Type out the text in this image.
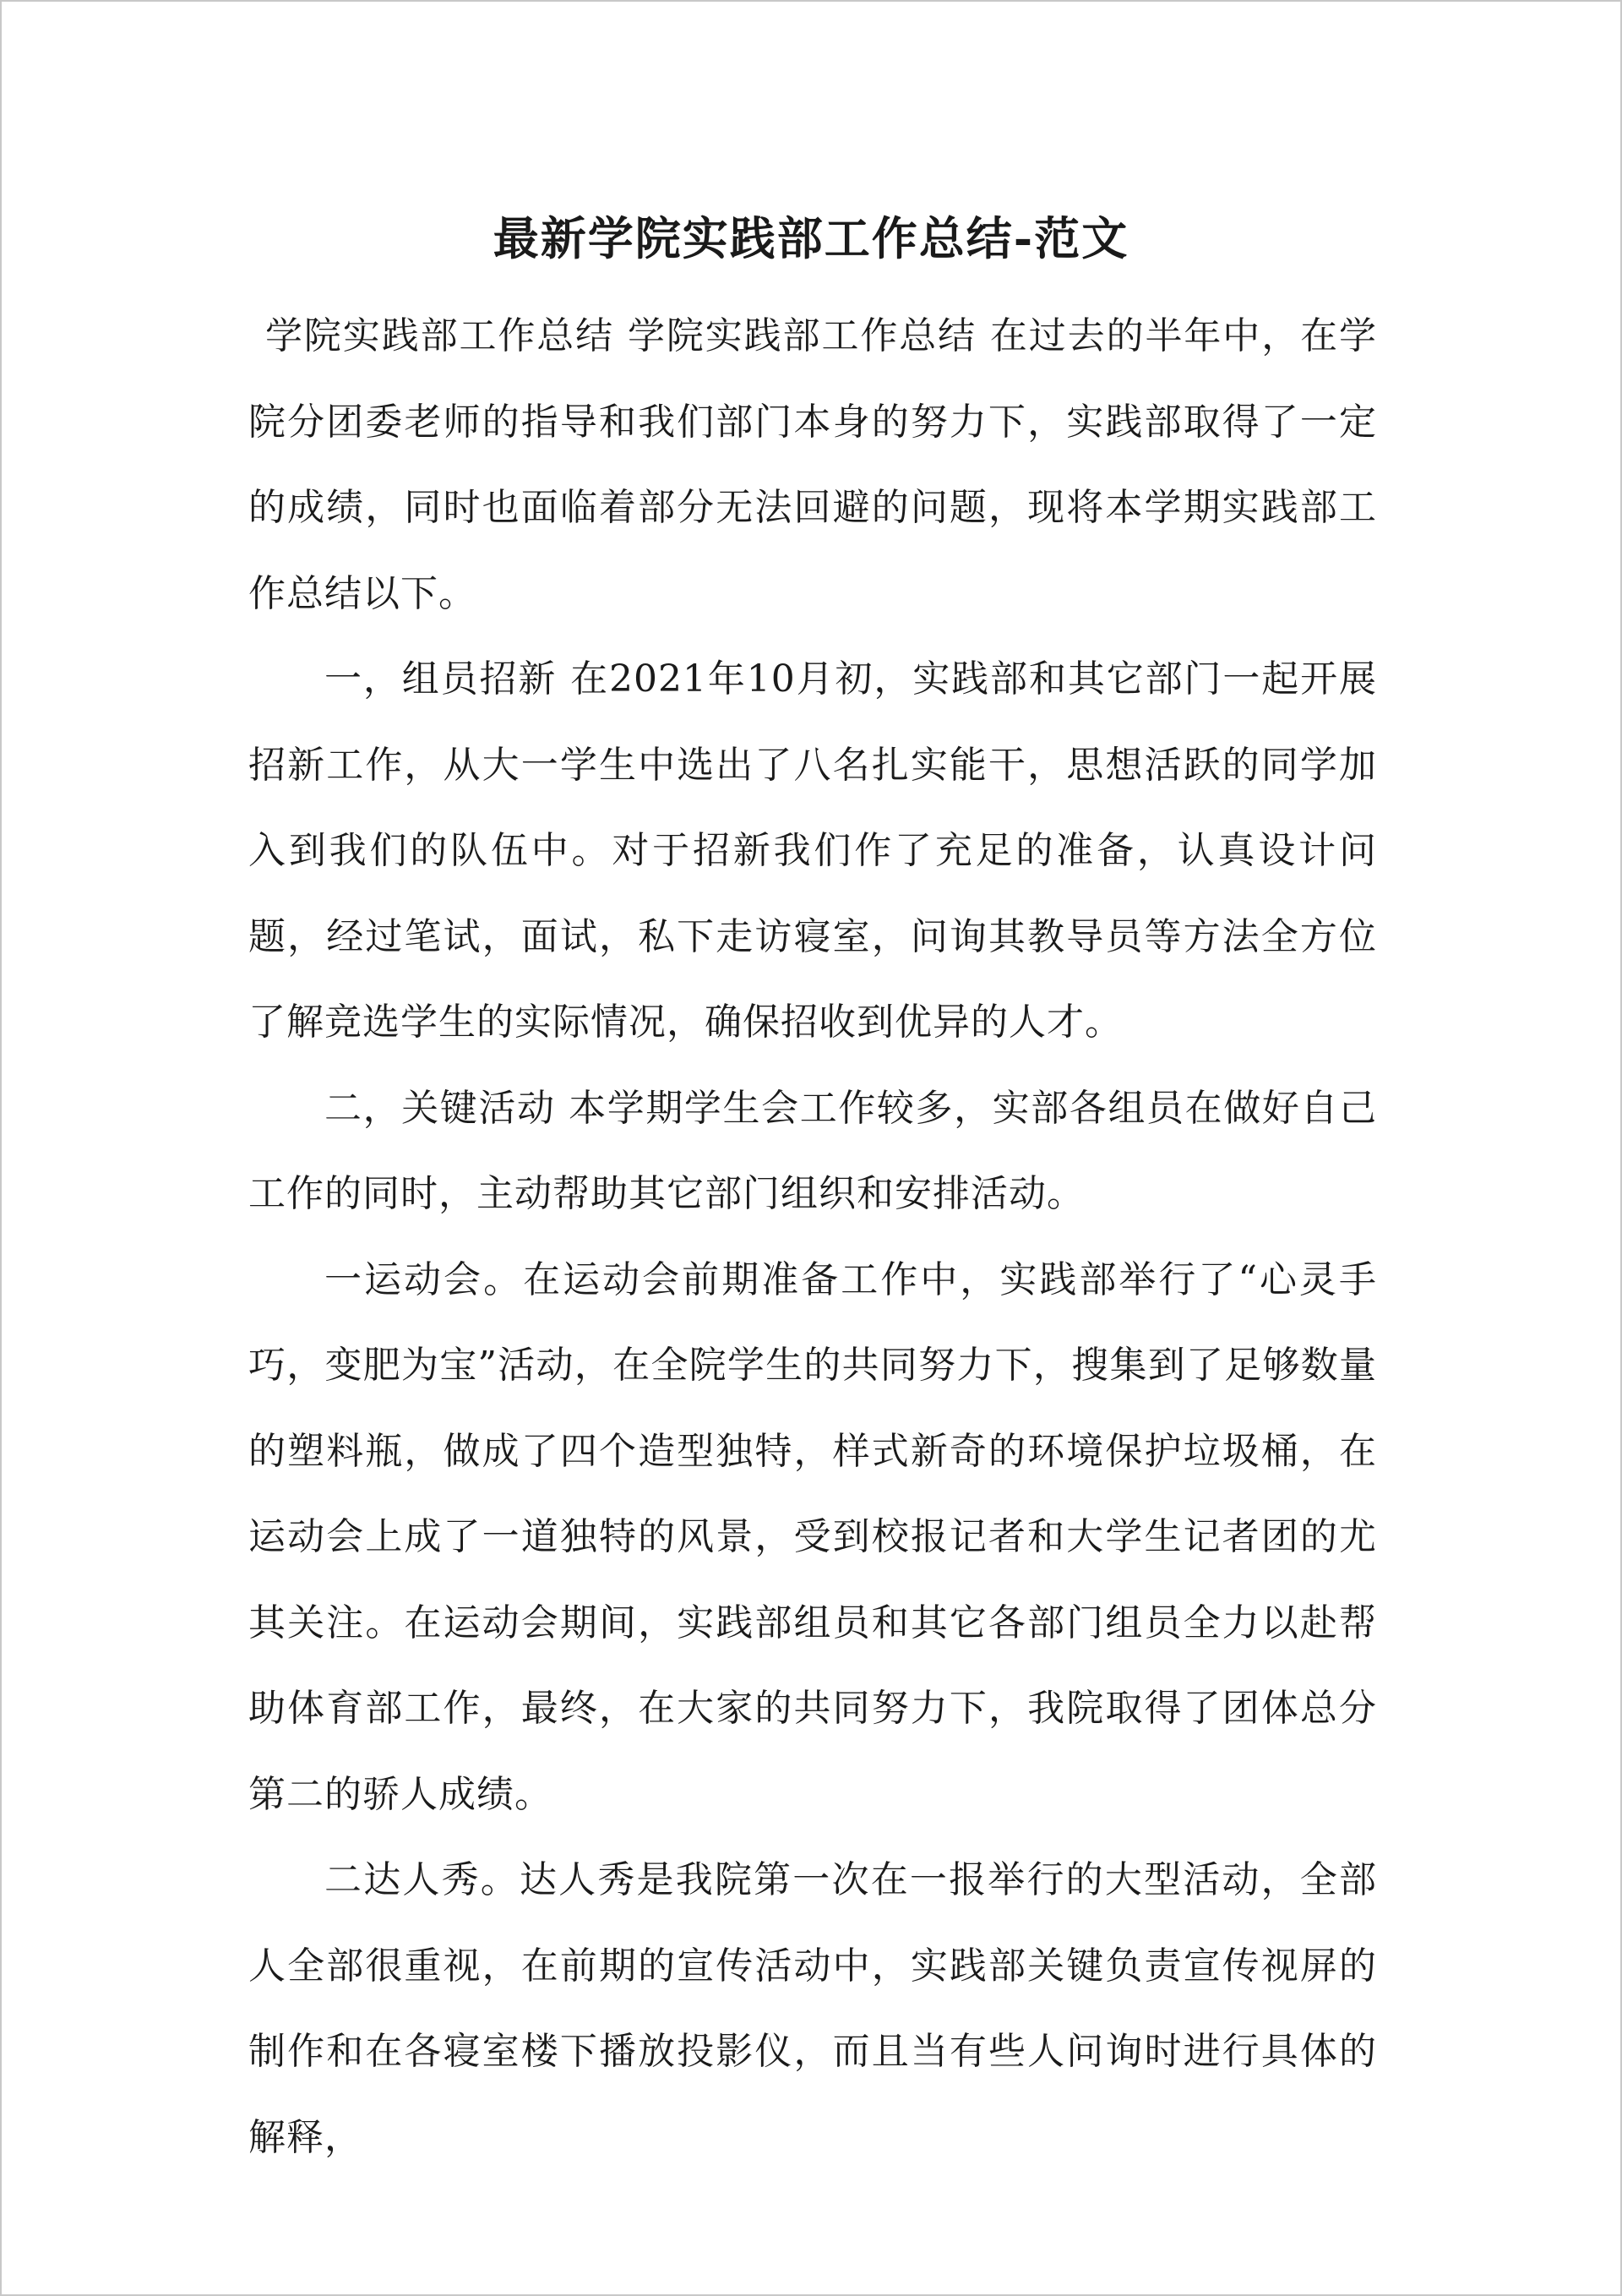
最新学院实践部工作总结-范文

学院实践部工作总结 学院实践部工作总结 在过去的半年中，在学院分团委老师的指导和我们部门本身的努力下，实践部取得了一定的成绩，同时也面临着部分无法回避的问题，现将本学期实践部工作总结以下。

一，组员招新 在2021年10月初，实践部和其它部门一起开展招新工作，从大一学生中选出了八名扎实能干，思想活跃的同学加入到我们的队伍中。对于招新我们作了充足的准备，认真设计问题，经过笔试，面试，私下走访寝室，问询其教导员等方法全方位了解竞选学生的实际情况，确保招收到优异的人才。

二，关键活动 本学期学生会工作较多，实部各组员在做好自己工作的同时，主动帮助其它部门组织和安排活动。

一运动会。在运动会前期准备工作中，实践部举行了“心灵手巧，变肥为宝”活动，在全院学生的共同努力下，搜集到了足够数量的塑料瓶，做成了四个造型独特，样式新奇的环境保护垃圾桶，在运动会上成了一道独特的风景，受到校报记者和大学生记者团的尤其关注。在运动会期间，实践部组员和其它各部门组员全力以赴帮助体育部工作，最终，在大家的共同努力下，我院取得了团体总分第二的骄人成绩。

二达人秀。达人秀是我院第一次在一报举行的大型活动，全部人全部很重视，在前期的宣传活动中，实践部关键负责宣传视屏的制作和在各寝室楼下播放投影仪，而且当有些人问询时进行具体的解释，
